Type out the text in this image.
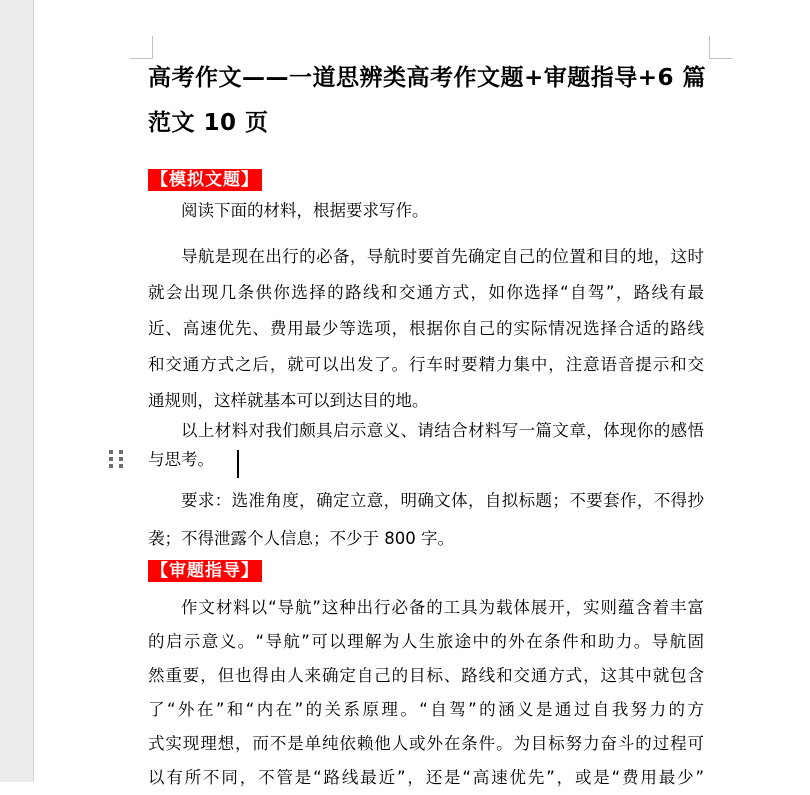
高考作文——一道思辨类高考作文题+审题指导+6 篇
范文 10 页
【模拟文题】
阅读下面的材料，根据要求写作。
导航是现在出行的必备，导航时要首先确定自己的位置和目的地，这时
就会出现几条供你选择的路线和交通方式，如你选择“自驾”，路线有最
近、高速优先、费用最少等选项，根据你自己的实际情况选择合适的路线
和交通方式之后，就可以出发了。行车时要精力集中，注意语音提示和交
通规则，这样就基本可以到达目的地。
以上材料对我们颇具启示意义、请结合材料写一篇文章，体现你的感悟
与思考。
要求：选准角度，确定立意，明确文体，自拟标题；不要套作，不得抄
袭；不得泄露个人信息；不少于 800 字。
【审题指导】
作文材料以“导航”这种出行必备的工具为载体展开，实则蕴含着丰富
的启示意义。“导航”可以理解为人生旅途中的外在条件和助力。导航固
然重要，但也得由人来确定自己的目标、路线和交通方式，这其中就包含
了“外在”和“内在”的关系原理。“自驾”的涵义是通过自我努力的方
式实现理想，而不是单纯依赖他人或外在条件。为目标努力奋斗的过程可
以有所不同，不管是“路线最近”，还是“高速优先”，或是“费用最少”
